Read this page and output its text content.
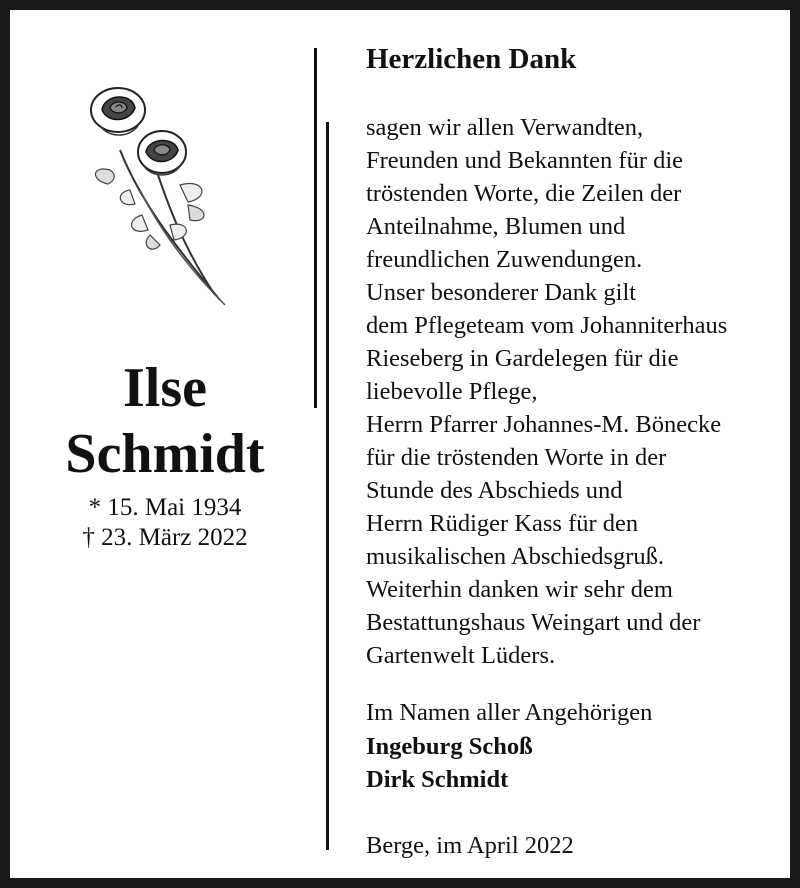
Ilse
Schmidt
* 15. Mai 1934
† 23. März 2022
Herzlichen Dank
sagen wir allen Verwandten,
Freunden und Bekannten für die
tröstenden Worte, die Zeilen der
Anteilnahme, Blumen und
freundlichen Zuwendungen.
Unser besonderer Dank gilt
dem Pflegeteam vom Johanniterhaus
Rieseberg in Gardelegen für die
liebevolle Pflege,
Herrn Pfarrer Johannes-M. Bönecke
für die tröstenden Worte in der
Stunde des Abschieds und
Herrn Rüdiger Kass für den
musikalischen Abschiedsgruß.
Weiterhin danken wir sehr dem
Bestattungshaus Weingart und der
Gartenwelt Lüders.
Im Namen aller Angehörigen
Ingeburg Schoß
Dirk Schmidt
Berge, im April 2022
